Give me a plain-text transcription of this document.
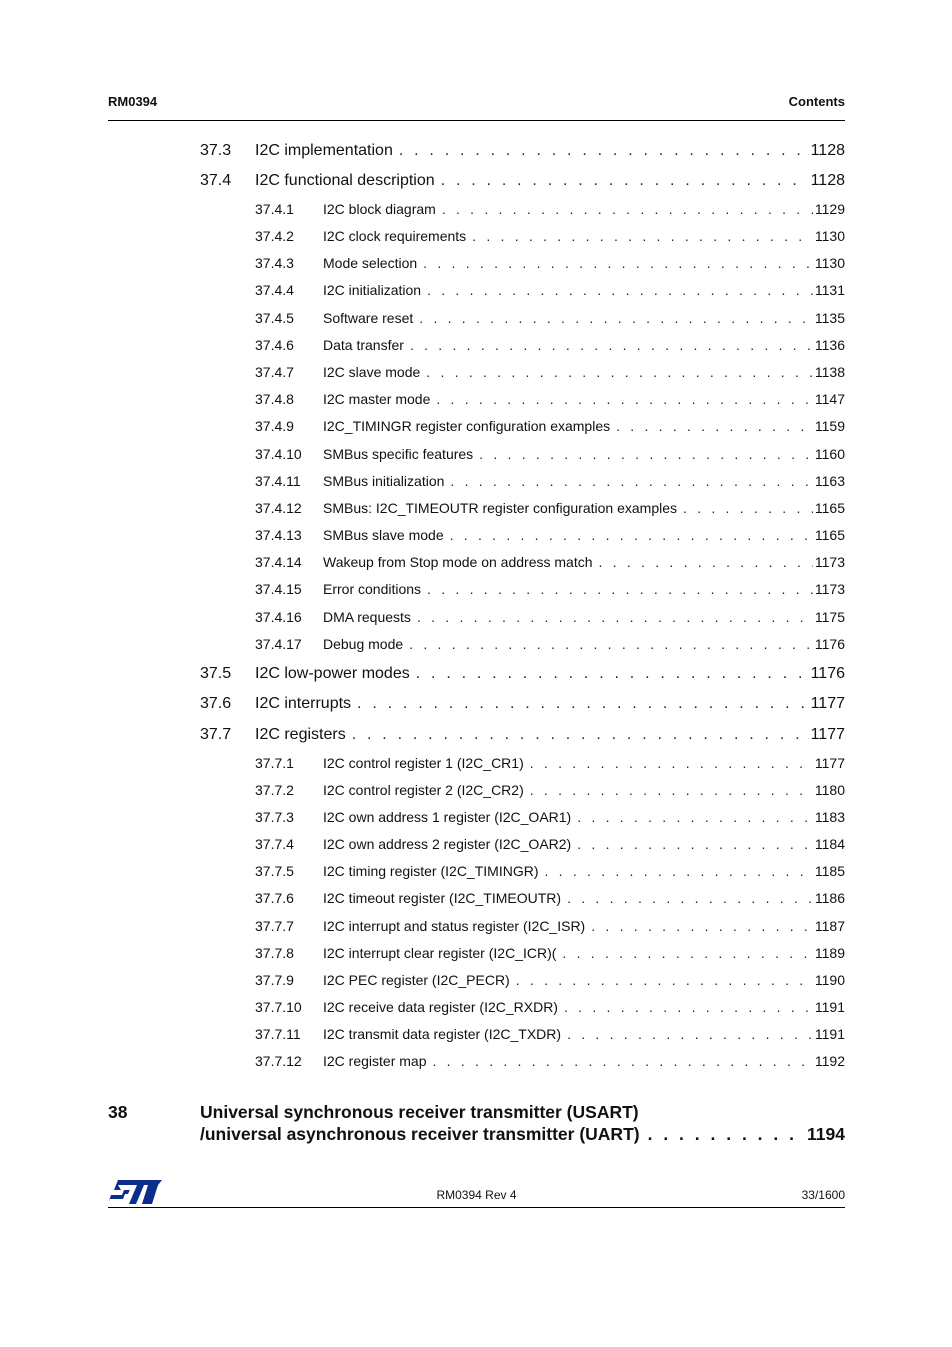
RM0394	Contents
37.3 I2C implementation . . .	1128
37.4 I2C functional description . . .	1128
37.4.1 I2C block diagram . . .	1129
37.4.2 I2C clock requirements . . .	1130
37.4.3 Mode selection . . .	1130
37.4.4 I2C initialization . . .	1131
37.4.5 Software reset . . .	1135
37.4.6 Data transfer . . .	1136
37.4.7 I2C slave mode . . .	1138
37.4.8 I2C master mode . . .	1147
37.4.9 I2C_TIMINGR register configuration examples . . .	1159
37.4.10 SMBus specific features . . .	1160
37.4.11 SMBus initialization . . .	1163
37.4.12 SMBus: I2C_TIMEOUTR register configuration examples . . .	1165
37.4.13 SMBus slave mode . . .	1165
37.4.14 Wakeup from Stop mode on address match . . .	1173
37.4.15 Error conditions . . .	1173
37.4.16 DMA requests . . .	1175
37.4.17 Debug mode . . .	1176
37.5 I2C low-power modes . . .	1176
37.6 I2C interrupts . . .	1177
37.7 I2C registers . . .	1177
37.7.1 I2C control register 1 (I2C_CR1) . . .	1177
37.7.2 I2C control register 2 (I2C_CR2) . . .	1180
37.7.3 I2C own address 1 register (I2C_OAR1) . . .	1183
37.7.4 I2C own address 2 register (I2C_OAR2) . . .	1184
37.7.5 I2C timing register (I2C_TIMINGR) . . .	1185
37.7.6 I2C timeout register (I2C_TIMEOUTR) . . .	1186
37.7.7 I2C interrupt and status register (I2C_ISR) . . .	1187
37.7.8 I2C interrupt clear register (I2C_ICR)( . . .	1189
37.7.9 I2C PEC register (I2C_PECR) . . .	1190
37.7.10 I2C receive data register (I2C_RXDR) . . .	1191
37.7.11 I2C transmit data register (I2C_TXDR) . . .	1191
37.7.12 I2C register map . . .	1192
38	Universal synchronous receiver transmitter (USART)
/universal asynchronous receiver transmitter (UART) . . .	1194
RM0394 Rev 4	33/1600
